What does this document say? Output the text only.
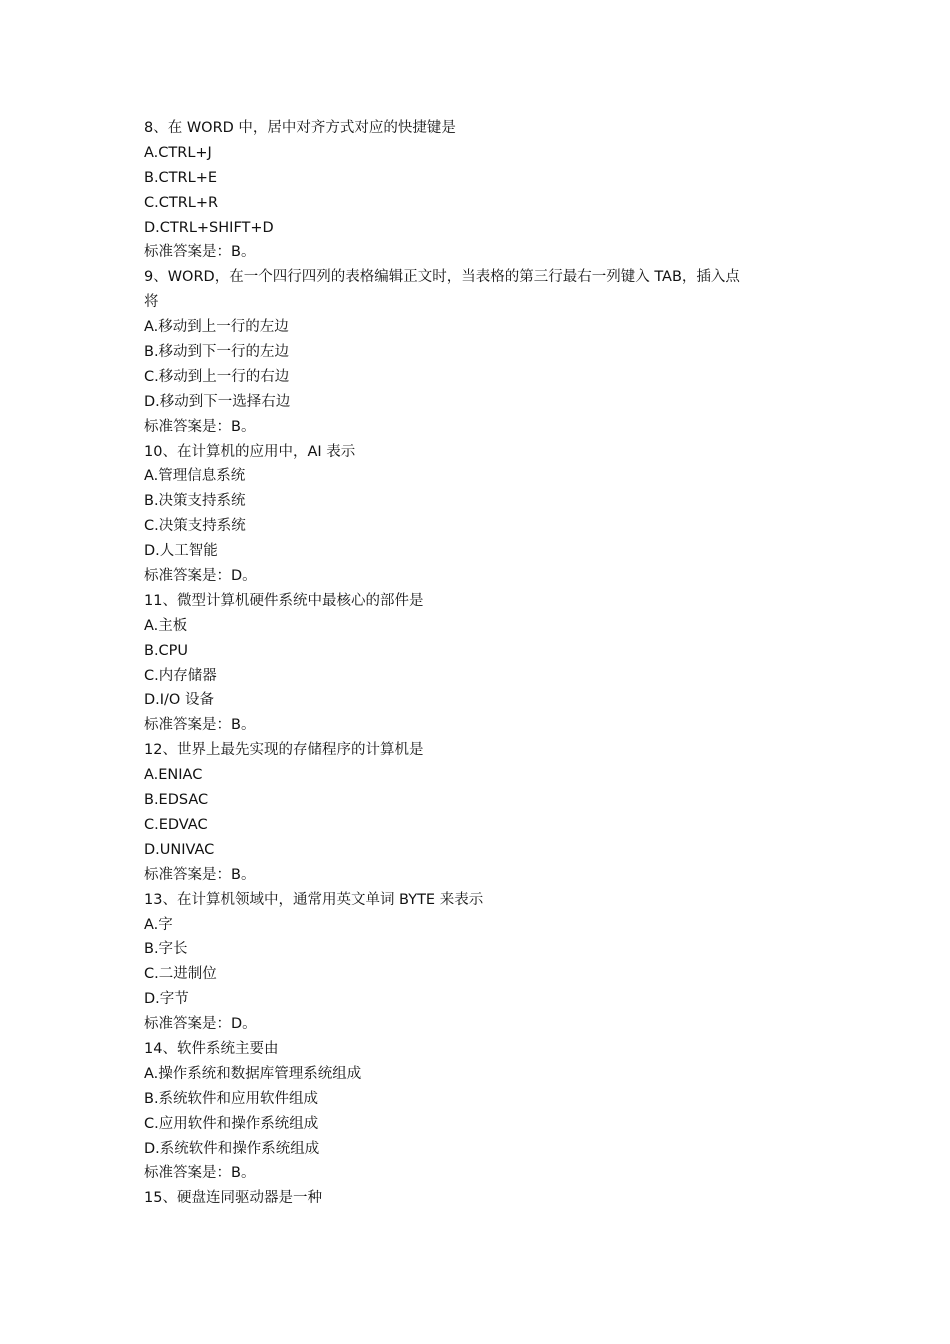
8、在 WORD 中，居中对齐方式对应的快捷键是
A.CTRL+J
B.CTRL+E
C.CTRL+R
D.CTRL+SHIFT+D
标准答案是：B。
9、WORD，在一个四行四列的表格编辑正文时，当表格的第三行最右一列键入 TAB，插入点
将
A.移动到上一行的左边
B.移动到下一行的左边
C.移动到上一行的右边
D.移动到下一选择右边
标准答案是：B。
10、在计算机的应用中，AI 表示
A.管理信息系统
B.决策支持系统
C.决策支持系统
D.人工智能
标准答案是：D。
11、微型计算机硬件系统中最核心的部件是
A.主板
B.CPU
C.内存储器
D.I/O 设备
标准答案是：B。
12、世界上最先实现的存储程序的计算机是
A.ENIAC
B.EDSAC
C.EDVAC
D.UNIVAC
标准答案是：B。
13、在计算机领域中，通常用英文单词 BYTE 来表示
A.字
B.字长
C.二进制位
D.字节
标准答案是：D。
14、软件系统主要由
A.操作系统和数据库管理系统组成
B.系统软件和应用软件组成
C.应用软件和操作系统组成
D.系统软件和操作系统组成
标准答案是：B。
15、硬盘连同驱动器是一种
